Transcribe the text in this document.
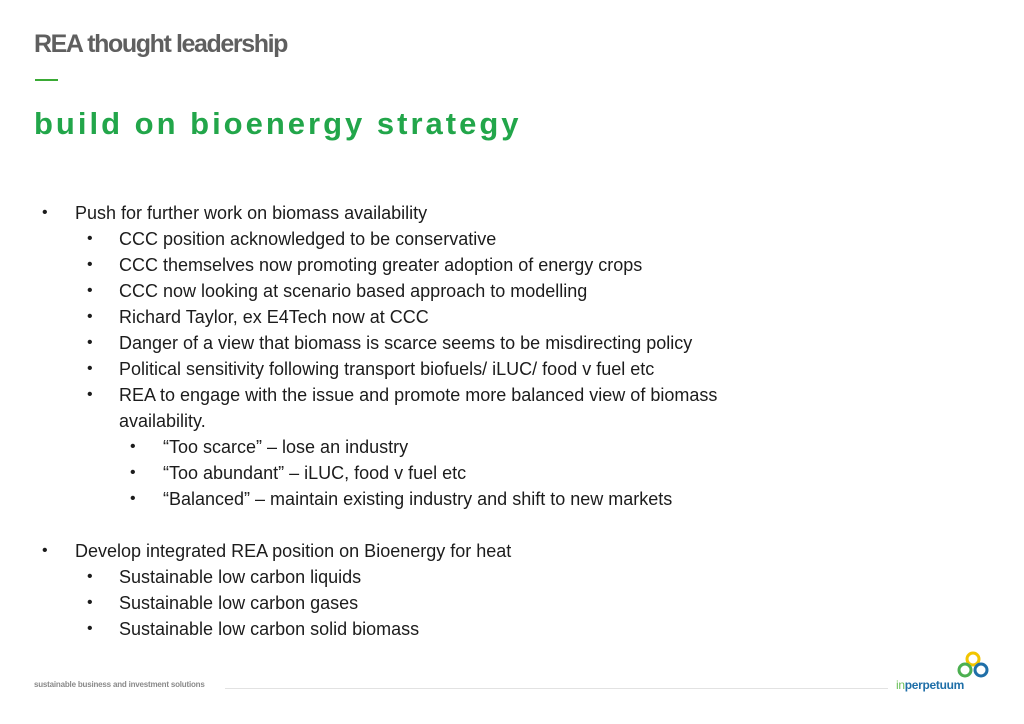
REA thought leadership
build on bioenergy strategy
• Push for further work on biomass availability
• CCC position acknowledged to be conservative
• CCC themselves now promoting greater adoption of energy crops
• CCC now looking at scenario based approach to modelling
• Richard Taylor, ex E4Tech now at CCC
• Danger of a view that biomass is scarce seems to be misdirecting policy
• Political sensitivity following transport biofuels/ iLUC/ food v fuel etc
• REA to engage with the issue and promote more balanced view of biomass
availability.
• “Too scarce” – lose an industry
• “Too abundant” – iLUC, food v fuel etc
• “Balanced” – maintain existing industry and shift to new markets
• Develop integrated REA position on Bioenergy for heat
• Sustainable low carbon liquids
• Sustainable low carbon gases
• Sustainable low carbon solid biomass
sustainable business and investment solutions	inperpetuum
